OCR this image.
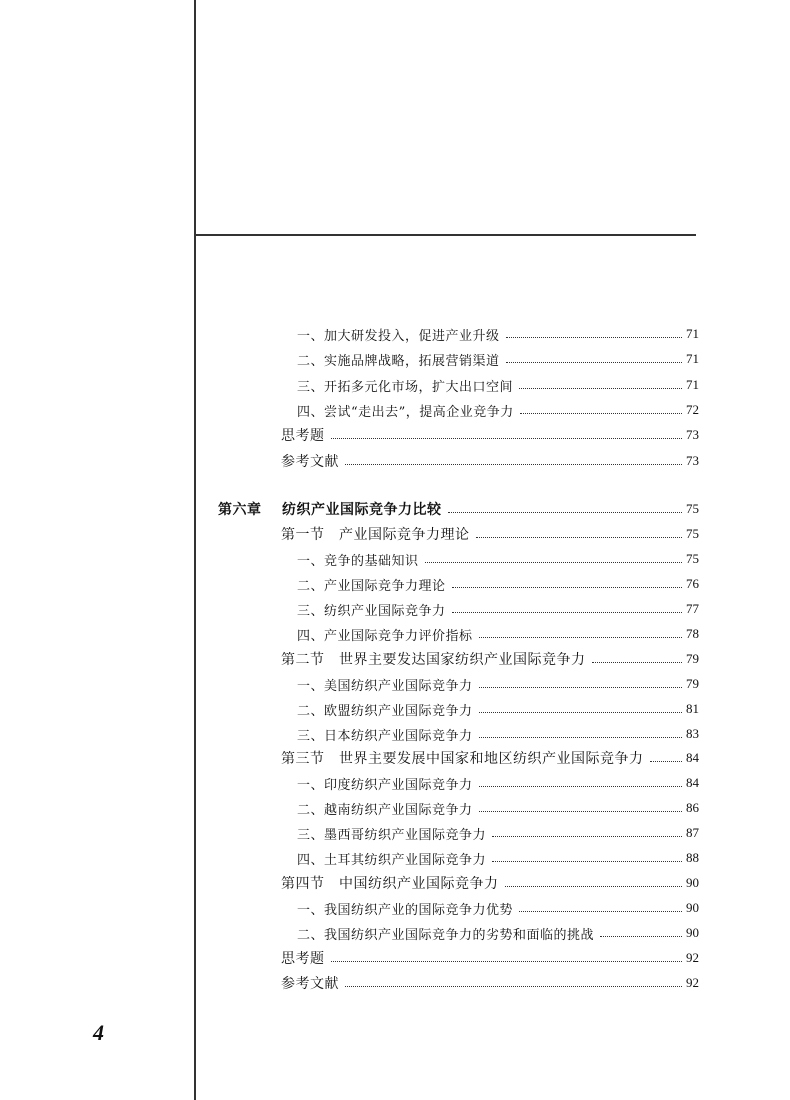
一、加大研发投入，促进产业升级	71
二、实施品牌战略，拓展营销渠道	71
三、开拓多元化市场，扩大出口空间	71
四、尝试“走出去”，提高企业竞争力	72
思考题	73
参考文献	73
第六章 纺织产业国际竞争力比较	75
第一节　产业国际竞争力理论	75
一、竞争的基础知识	75
二、产业国际竞争力理论	76
三、纺织产业国际竞争力	77
四、产业国际竞争力评价指标	78
第二节　世界主要发达国家纺织产业国际竞争力	79
一、美国纺织产业国际竞争力	79
二、欧盟纺织产业国际竞争力	81
三、日本纺织产业国际竞争力	83
第三节　世界主要发展中国家和地区纺织产业国际竞争力	84
一、印度纺织产业国际竞争力	84
二、越南纺织产业国际竞争力	86
三、墨西哥纺织产业国际竞争力	87
四、土耳其纺织产业国际竞争力	88
第四节　中国纺织产业国际竞争力	90
一、我国纺织产业的国际竞争力优势	90
二、我国纺织产业国际竞争力的劣势和面临的挑战	90
思考题	92
参考文献	92
4
